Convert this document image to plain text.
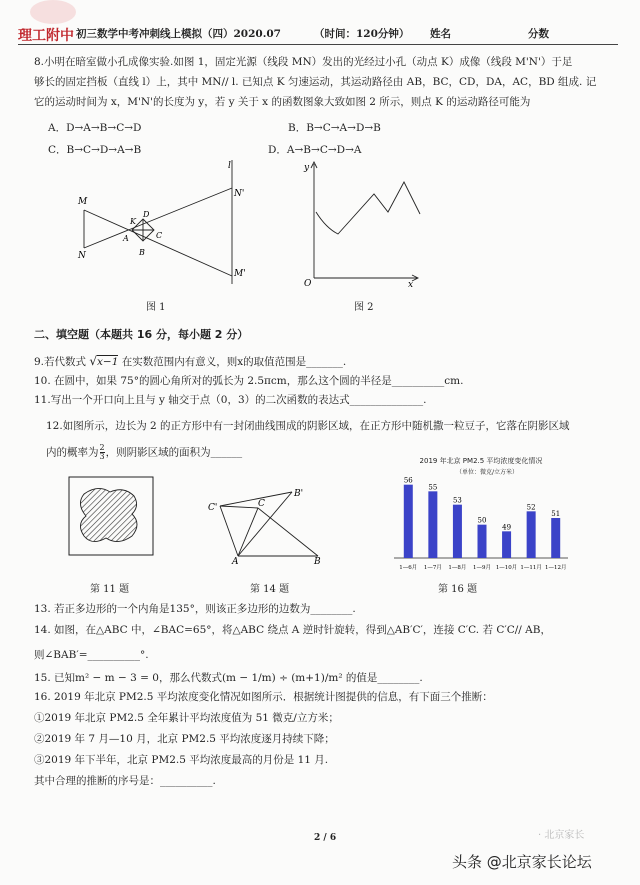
理工附中 初三数学中考冲刺线上模拟（四）2020.07	（时间：120分钟） 姓名	分数
8.小明在暗室做小孔成像实验.如图 1，固定光源（线段 MN）发出的光经过小孔（动点 K）成像（线段 M'N'）于足
够长的固定挡板（直线 l）上，其中 MN// l. 已知点 K 匀速运动，其运动路径由 AB，BC，CD，DA，AC，BD 组成. 记
它的运动时间为 x，M'N'的长度为 y，若 y 关于 x 的函数图象大致如图 2 所示，则点 K 的运动路径可能为
A．D→A→B→C→D	B．B→C→A→D→B
C．B→C→D→A→B	D．A→B→C→D→A
M
N
A
B
C
D
K
l
N'
M'
图 1
y
x
O
图 2
二、填空题（本题共 16 分，每小题 2 分）
9.若代数式 √x−1 在实数范围内有意义，则x的取值范围是_______.
10. 在圆中，如果 75°的圆心角所对的弧长为 2.5πcm，那么这个圆的半径是__________cm.
11.写出一个开口向上且与 y 轴交于点（0，3）的二次函数的表达式______________.
12.如图所示，边长为 2 的正方形中有一封闭曲线围成的阴影区域，在正方形中随机撒一粒豆子，它落在阴影区域
内的概率为 $\frac{2}{3}$ ，则阴影区域的面积为______
第 11 题
C'	C
B'
A	B
第 14 题
2019 年北京 PM2.5 平均浓度变化情况
（单位：微克/立方米）
56
1—6月
55
1—7月
53
1—8月
50
1—9月
49
1—10月
52
1—11月
51
1—12月
第 16 题
13. 若正多边形的一个内角是135°，则该正多边形的边数为________.
14. 如图，在△ABC 中，∠BAC=65°，将△ABC 绕点 A 逆时针旋转，得到△AB′C′，连接 C′C. 若 C′C// AB，
则∠BAB′=__________°.
15. 已知m² − m − 3 = 0，那么代数式(m − 1/m) ÷ (m+1)/m² 的值是________.
16. 2019 年北京 PM2.5 平均浓度变化情况如图所示．根据统计图提供的信息，有下面三个推断：
①2019 年北京 PM2.5 全年累计平均浓度值为 51 微克/立方米；
②2019 年 7 月—10 月，北京 PM2.5 平均浓度逐月持续下降；
③2019 年下半年，北京 PM2.5 平均浓度最高的月份是 11 月.
其中合理的推断的序号是：__________.
2 / 6	· 北京家长
头条 @北京家长论坛
